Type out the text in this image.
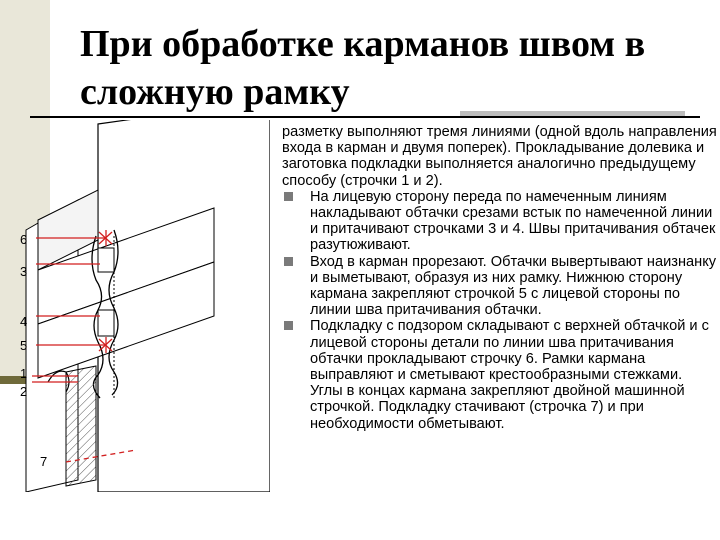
При обработке карманов швом в сложную рамку
6
3
4
5
1
2
7

разметку выполняют тремя линиями (одной вдоль направления входа в карман и двумя поперек). Прокладывание долевика и заготовка подкладки выполняется аналогично предыдущему способу (строчки 1 и 2).

На лицевую сторону переда по намеченным линиям накладывают обтачки срезами встык по намеченной линии и притачивают строчками 3 и 4. Швы притачивания обтачек разутюживают.
Вход в карман прорезают. Обтачки вывертывают наизнанку и выметывают, образуя из них рамку. Нижнюю сторону кармана закрепляют строчкой 5 с лицевой стороны по линии шва притачивания обтачки.
Подкладку с подзором складывают с верхней обтачкой и с лицевой стороны детали по линии шва притачивания обтачки прокладывают строчку 6. Рамки кармана выправляют и сметывают крестообразными стежками. Углы в концах кармана закрепляют двойной машинной строчкой. Подкладку стачивают (строчка 7) и при необходимости обметывают.
